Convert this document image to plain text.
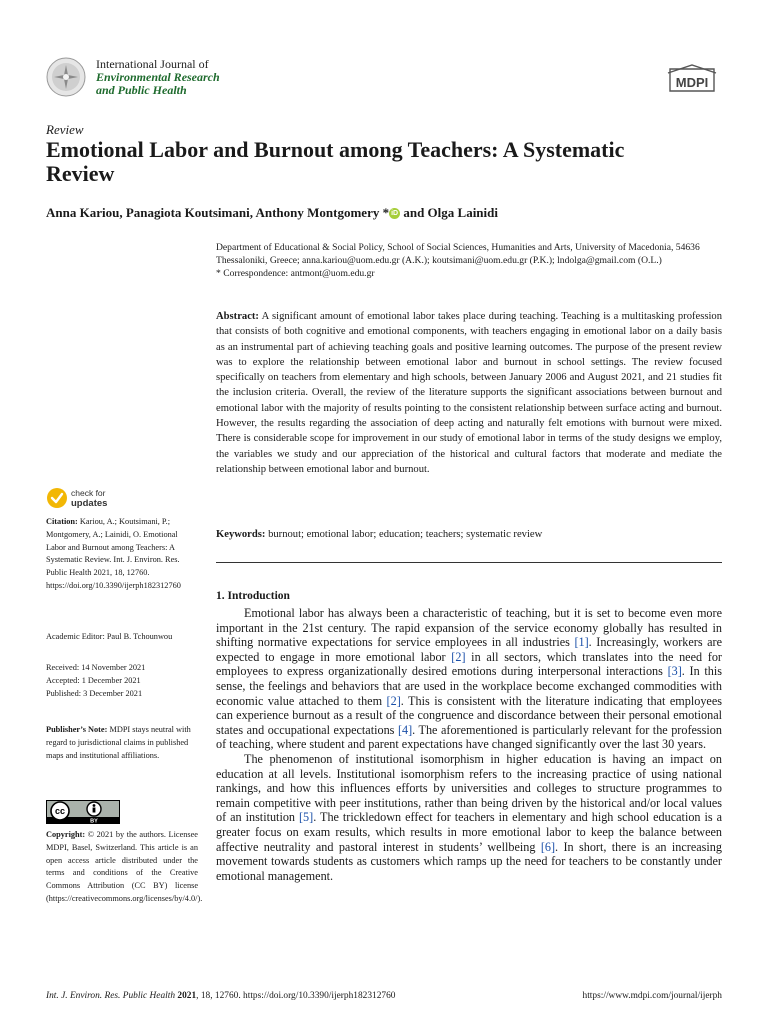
International Journal of
Environmental Research
and Public Health	MDPI
Review
Emotional Labor and Burnout among Teachers: A Systematic Review
Anna Kariou, Panagiota Koutsimani, Anthony Montgomery * iD and Olga Lainidi

Department of Educational & Social Policy, School of Social Sciences, Humanities and Arts, University of Macedonia, 54636 Thessaloniki, Greece; anna.kariou@uom.edu.gr (A.K.); koutsimani@uom.edu.gr (P.K.); lndolga@gmail.com (O.L.)

* Correspondence: antmont@uom.edu.gr

Abstract: A significant amount of emotional labor takes place during teaching. Teaching is a multitasking profession that consists of both cognitive and emotional components, with teachers engaging in emotional labor on a daily basis as an instrumental part of achieving teaching goals and positive learning outcomes. The purpose of the present review was to explore the relationship between emotional labor and burnout in school settings. The review focused specifically on teachers from elementary and high schools, between January 2006 and August 2021, and 21 studies fit the inclusion criteria. Overall, the review of the literature supports the significant associations between burnout and emotional labor with the majority of results pointing to the consistent relationship between surface acting and burnout. However, the results regarding the association of deep acting and naturally felt emotions with burnout were mixed. There is considerable scope for improvement in our study of emotional labor in terms of the study designs we employ, the variables we study and our appreciation of the historical and cultural factors that moderate and mediate the relationship between emotional labor and burnout.

Keywords: burnout; emotional labor; education; teachers; systematic review

1. Introduction

Emotional labor has always been a characteristic of teaching, but it is set to become even more important in the 21st century. The rapid expansion of the service economy globally has resulted in shifting normative expectations for service employees in all industries [1]. Increasingly, workers are expected to engage in more emotional labor [2] in all sectors, which translates into the need for employees to express organizationally desired emotions during interpersonal interactions [3]. In this sense, the feelings and behaviors that are used in the workplace become exchanged commodities with economic value attached to them [2]. This is consistent with the literature indicating that employees can experience burnout as a result of the congruence and discordance between their personal emotional states and occupational expectations [4]. The aforementioned is particularly relevant for the profession of teaching, where student and parent expectations have changed significantly over the last 30 years.

The phenomenon of institutional isomorphism in higher education is having an impact on education at all levels. Institutional isomorphism refers to the increasing practice of using national rankings, and how this influences efforts by universities and colleges to structure programmes to remain competitive with peer institutions, rather than being driven by the historical and/or local values of an institution [5]. The trickledown effect for teachers in elementary and high school education is a greater focus on exam results, which results in more emotional labor to keep the balance between affective neutrality and pastoral interest in students’ wellbeing [6]. In short, there is an increasing movement towards students as customers which ramps up the need for teachers to be constantly under emotional management.

check for
updates

Citation: Kariou, A.; Koutsimani, P.; Montgomery, A.; Lainidi, O. Emotional Labor and Burnout among Teachers: A Systematic Review. Int. J. Environ. Res. Public Health 2021, 18, 12760. https://doi.org/10.3390/ijerph182312760

Academic Editor: Paul B. Tchounwou

Received: 14 November 2021
Accepted: 1 December 2021
Published: 3 December 2021

Publisher’s Note: MDPI stays neutral with regard to jurisdictional claims in published maps and institutional affiliations.

cc
BY

Copyright: © 2021 by the authors. Licensee MDPI, Basel, Switzerland. This article is an open access article distributed under the terms and conditions of the Creative Commons Attribution (CC BY) license (https://creativecommons.org/licenses/by/4.0/).

Int. J. Environ. Res. Public Health 2021, 18, 12760. https://doi.org/10.3390/ijerph182312760	https://www.mdpi.com/journal/ijerph
